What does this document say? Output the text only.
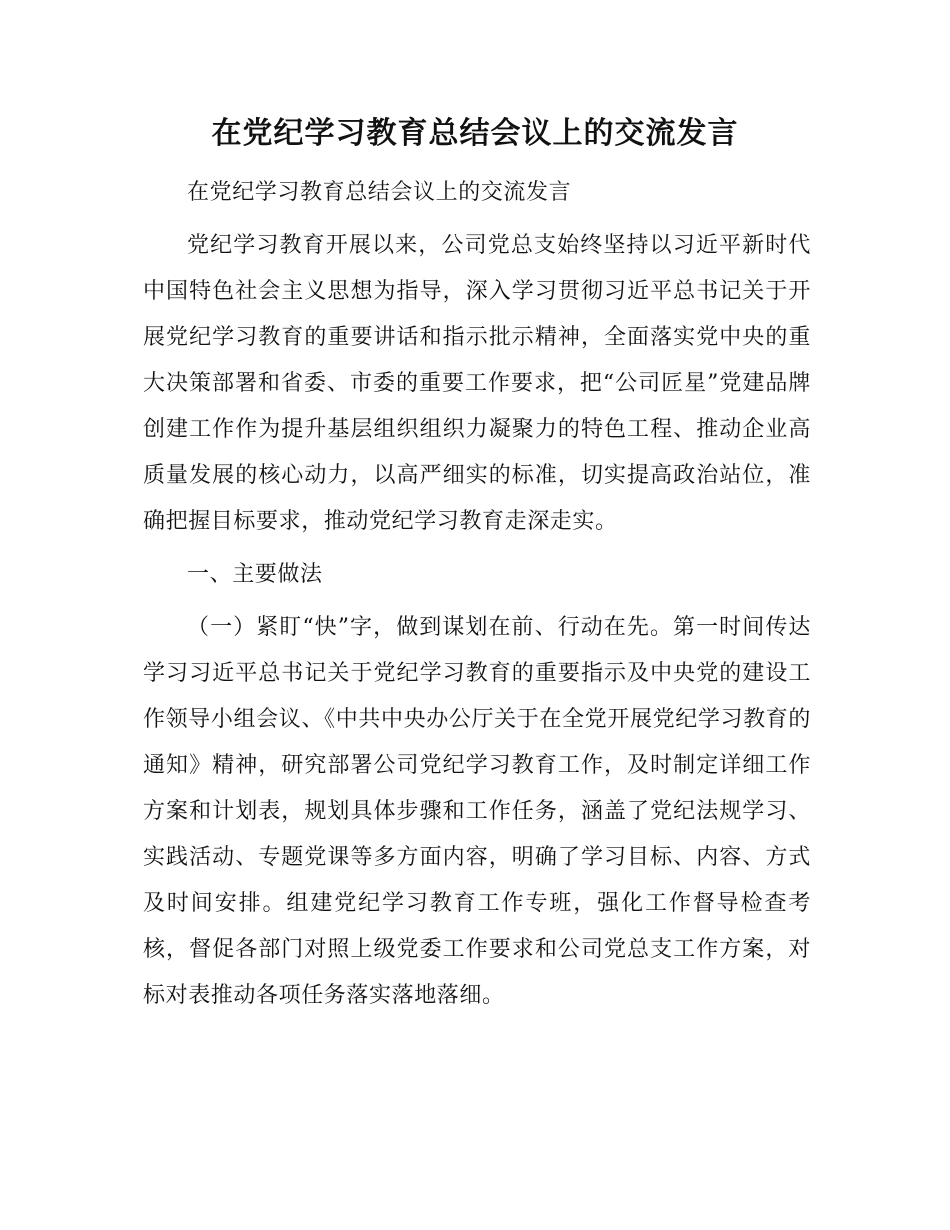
在党纪学习教育总结会议上的交流发言

在党纪学习教育总结会议上的交流发言

党纪学习教育开展以来，公司党总支始终坚持以习近平新时代中国特色社会主义思想为指导，深入学习贯彻习近平总书记关于开展党纪学习教育的重要讲话和指示批示精神，全面落实党中央的重大决策部署和省委、市委的重要工作要求，把“公司匠星”党建品牌创建工作作为提升基层组织组织力凝聚力的特色工程、推动企业高质量发展的核心动力，以高严细实的标准，切实提高政治站位，准确把握目标要求，推动党纪学习教育走深走实。

一、主要做法

（一）紧盯“快”字，做到谋划在前、行动在先。第一时间传达学习习近平总书记关于党纪学习教育的重要指示及中央党的建设工作领导小组会议、《中共中央办公厅关于在全党开展党纪学习教育的通知》精神，研究部署公司党纪学习教育工作，及时制定详细工作方案和计划表，规划具体步骤和工作任务，涵盖了党纪法规学习、实践活动、专题党课等多方面内容，明确了学习目标、内容、方式及时间安排。组建党纪学习教育工作专班，强化工作督导检查考核，督促各部门对照上级党委工作要求和公司党总支工作方案，对标对表推动各项任务落实落地落细。
